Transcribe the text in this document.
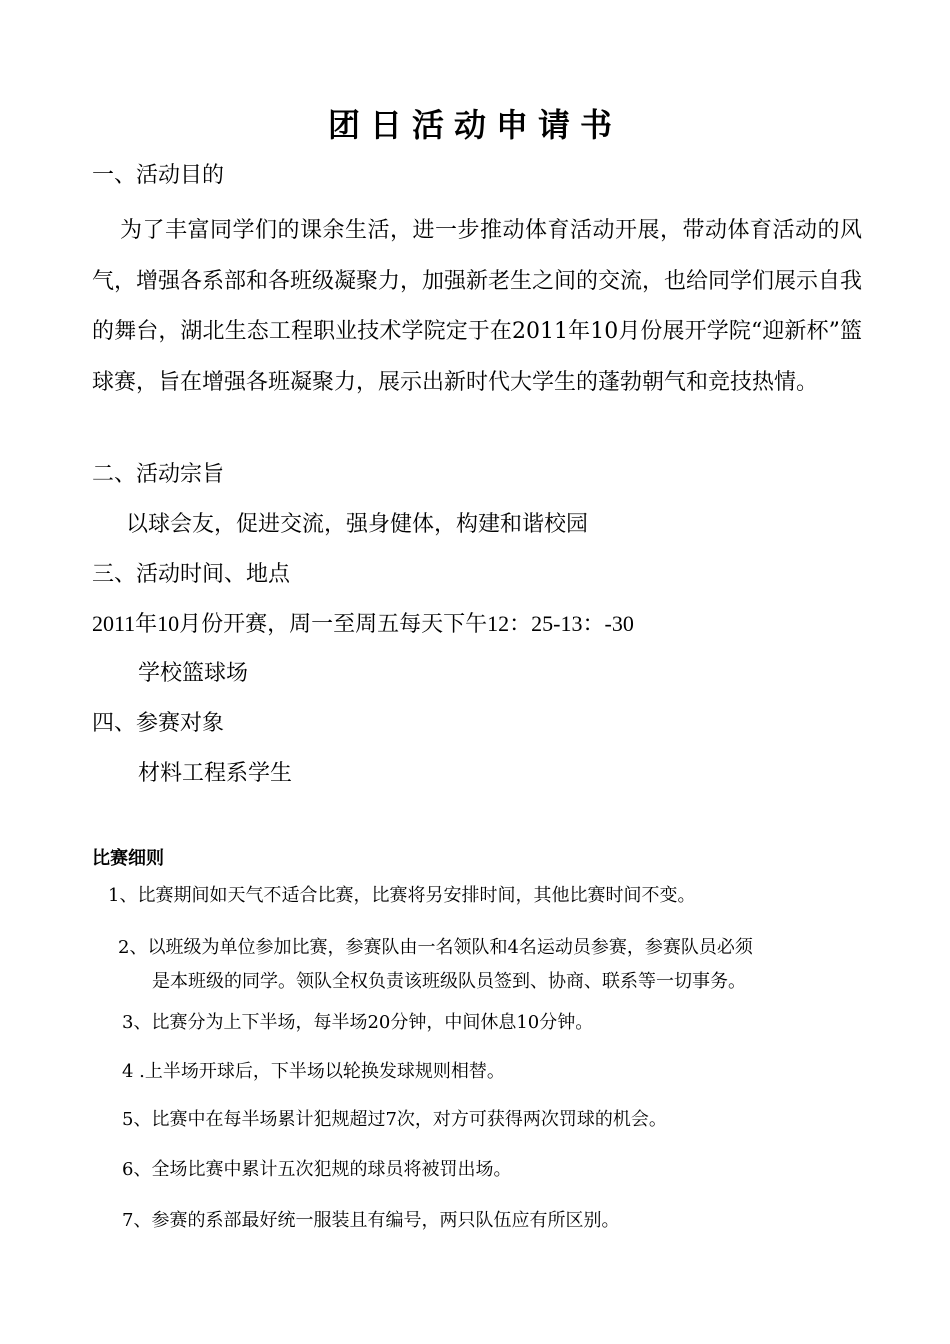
团日活动申请书
一、活动目的
为了丰富同学们的课余生活，进一步推动体育活动开展，带动体育活动的风气，增强各系部和各班级凝聚力，加强新老生之间的交流，也给同学们展示自我的舞台，湖北生态工程职业技术学院定于在2011年10月份展开学院“迎新杯”篮球赛，旨在增强各班凝聚力，展示出新时代大学生的蓬勃朝气和竞技热情。
二、活动宗旨
以球会友，促进交流，强身健体，构建和谐校园
三、活动时间、地点
2011年10月份开赛，周一至周五每天下午12：25-13：-30
学校篮球场
四、参赛对象
材料工程系学生
比赛细则
1、比赛期间如天气不适合比赛，比赛将另安排时间，其他比赛时间不变。
2、以班级为单位参加比赛，参赛队由一名领队和4名运动员参赛，参赛队员必须
是本班级的同学。领队全权负责该班级队员签到、协商、联系等一切事务。
3、比赛分为上下半场，每半场20分钟，中间休息10分钟。
4 .上半场开球后，下半场以轮换发球规则相替。
5、比赛中在每半场累计犯规超过7次，对方可获得两次罚球的机会。
6、全场比赛中累计五次犯规的球员将被罚出场。
7、参赛的系部最好统一服装且有编号，两只队伍应有所区别。
